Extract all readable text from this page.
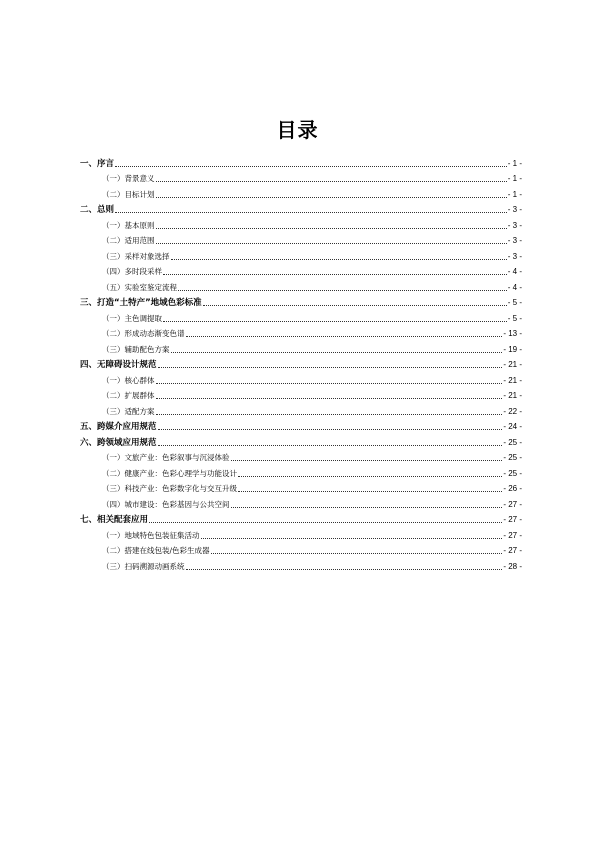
目录
一、序言	- 1 -
（一）背景意义	- 1 -
（二）目标计划	- 1 -
二、总则	- 3 -
（一）基本原则	- 3 -
（二）适用范围	- 3 -
（三）采样对象选择	- 3 -
（四）多时段采样	- 4 -
（五）实验室鉴定流程	- 4 -
三、打造“土特产”地域色彩标准	- 5 -
（一）主色调提取	- 5 -
（二）形成动态渐变色谱	- 13 -
（三）辅助配色方案	- 19 -
四、无障碍设计规范	- 21 -
（一）核心群体	- 21 -
（二）扩展群体	- 21 -
（三）适配方案	- 22 -
五、跨媒介应用规范	- 24 -
六、跨领域应用规范	- 25 -
（一）文旅产业：色彩叙事与沉浸体验	- 25 -
（二）健康产业：色彩心理学与功能设计	- 25 -
（三）科技产业：色彩数字化与交互升级	- 26 -
（四）城市建设：色彩基因与公共空间	- 27 -
七、相关配套应用	- 27 -
（一）地域特色包装征集活动	- 27 -
（二）搭建在线包装/色彩生成器	- 27 -
（三）扫码溯源动画系统	- 28 -
